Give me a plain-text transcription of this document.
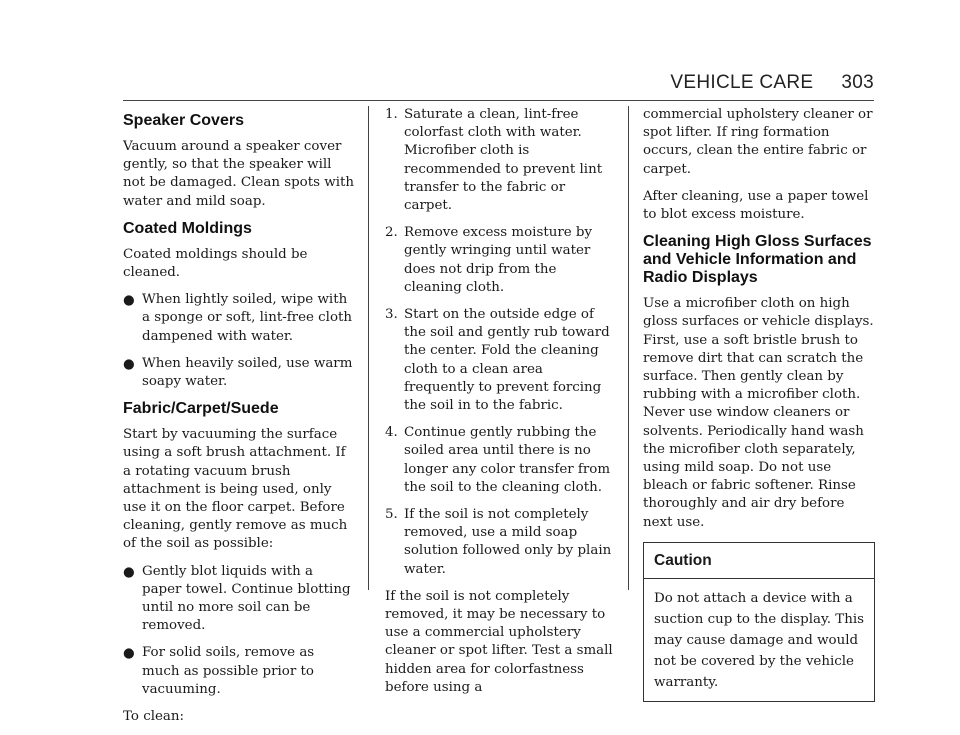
VEHICLE CARE 303
Speaker Covers

Vacuum around a speaker cover gently, so that the speaker will not be damaged. Clean spots with water and mild soap.

Coated Moldings

Coated moldings should be cleaned.

● When lightly soiled, wipe with a sponge or soft, lint-free cloth dampened with water.
● When heavily soiled, use warm soapy water.
Fabric/Carpet/Suede

Start by vacuuming the surface using a soft brush attachment. If a rotating vacuum brush attachment is being used, only use it on the floor carpet. Before cleaning, gently remove as much of the soil as possible:

● Gently blot liquids with a paper towel. Continue blotting until no more soil can be removed.
● For solid soils, remove as much as possible prior to vacuuming.

To clean:

1. Saturate a clean, lint-free colorfast cloth with water. Microfiber cloth is recommended to prevent lint transfer to the fabric or carpet.
2. Remove excess moisture by gently wringing until water does not drip from the cleaning cloth.
3. Start on the outside edge of the soil and gently rub toward the center. Fold the cleaning cloth to a clean area frequently to prevent forcing the soil in to the fabric.
4. Continue gently rubbing the soiled area until there is no longer any color transfer from the soil to the cleaning cloth.
5. If the soil is not completely removed, use a mild soap solution followed only by plain water.

If the soil is not completely removed, it may be necessary to use a commercial upholstery cleaner or spot lifter. Test a small hidden area for colorfastness before using a

commercial upholstery cleaner or spot lifter. If ring formation occurs, clean the entire fabric or carpet.

After cleaning, use a paper towel to blot excess moisture.

Cleaning High Gloss Surfaces and Vehicle Information and Radio Displays

Use a microfiber cloth on high gloss surfaces or vehicle displays. First, use a soft bristle brush to remove dirt that can scratch the surface. Then gently clean by rubbing with a microfiber cloth. Never use window cleaners or solvents. Periodically hand wash the microfiber cloth separately, using mild soap. Do not use bleach or fabric softener. Rinse thoroughly and air dry before next use.

Caution
Do not attach a device with a suction cup to the display. This may cause damage and would not be covered by the vehicle warranty.
